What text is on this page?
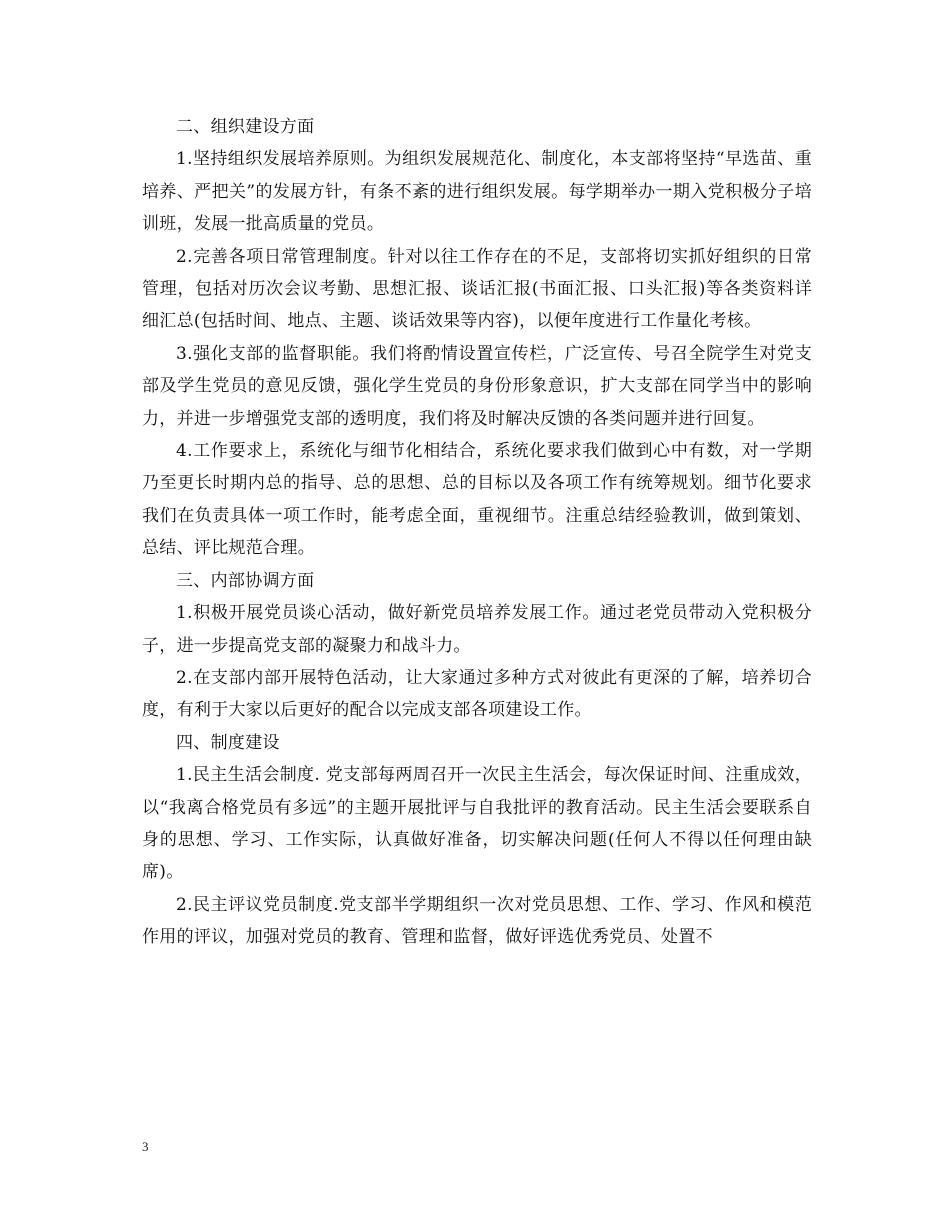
二、组织建设方面

1.坚持组织发展培养原则。为组织发展规范化、制度化，本支部将坚持“早选苗、重培养、严把关”的发展方针，有条不紊的进行组织发展。每学期举办一期入党积极分子培训班，发展一批高质量的党员。

2.完善各项日常管理制度。针对以往工作存在的不足，支部将切实抓好组织的日常管理，包括对历次会议考勤、思想汇报、谈话汇报(书面汇报、口头汇报)等各类资料详细汇总(包括时间、地点、主题、谈话效果等内容)，以便年度进行工作量化考核。

3.强化支部的监督职能。我们将酌情设置宣传栏，广泛宣传、号召全院学生对党支部及学生党员的意见反馈，强化学生党员的身份形象意识，扩大支部在同学当中的影响力，并进一步增强党支部的透明度，我们将及时解决反馈的各类问题并进行回复。

4.工作要求上，系统化与细节化相结合，系统化要求我们做到心中有数，对一学期乃至更长时期内总的指导、总的思想、总的目标以及各项工作有统筹规划。细节化要求我们在负责具体一项工作时，能考虑全面，重视细节。注重总结经验教训，做到策划、总结、评比规范合理。

三、内部协调方面

1.积极开展党员谈心活动，做好新党员培养发展工作。通过老党员带动入党积极分子，进一步提高党支部的凝聚力和战斗力。

2.在支部内部开展特色活动，让大家通过多种方式对彼此有更深的了解，培养切合度，有利于大家以后更好的配合以完成支部各项建设工作。

四、制度建设

1.民主生活会制度. 党支部每两周召开一次民主生活会，每次保证时间、注重成效，以“我离合格党员有多远”的主题开展批评与自我批评的教育活动。民主生活会要联系自身的思想、学习、工作实际，认真做好准备，切实解决问题(任何人不得以任何理由缺席)。

2.民主评议党员制度.党支部半学期组织一次对党员思想、工作、学习、作风和模范作用的评议，加强对党员的教育、管理和监督，做好评选优秀党员、处置不

3
